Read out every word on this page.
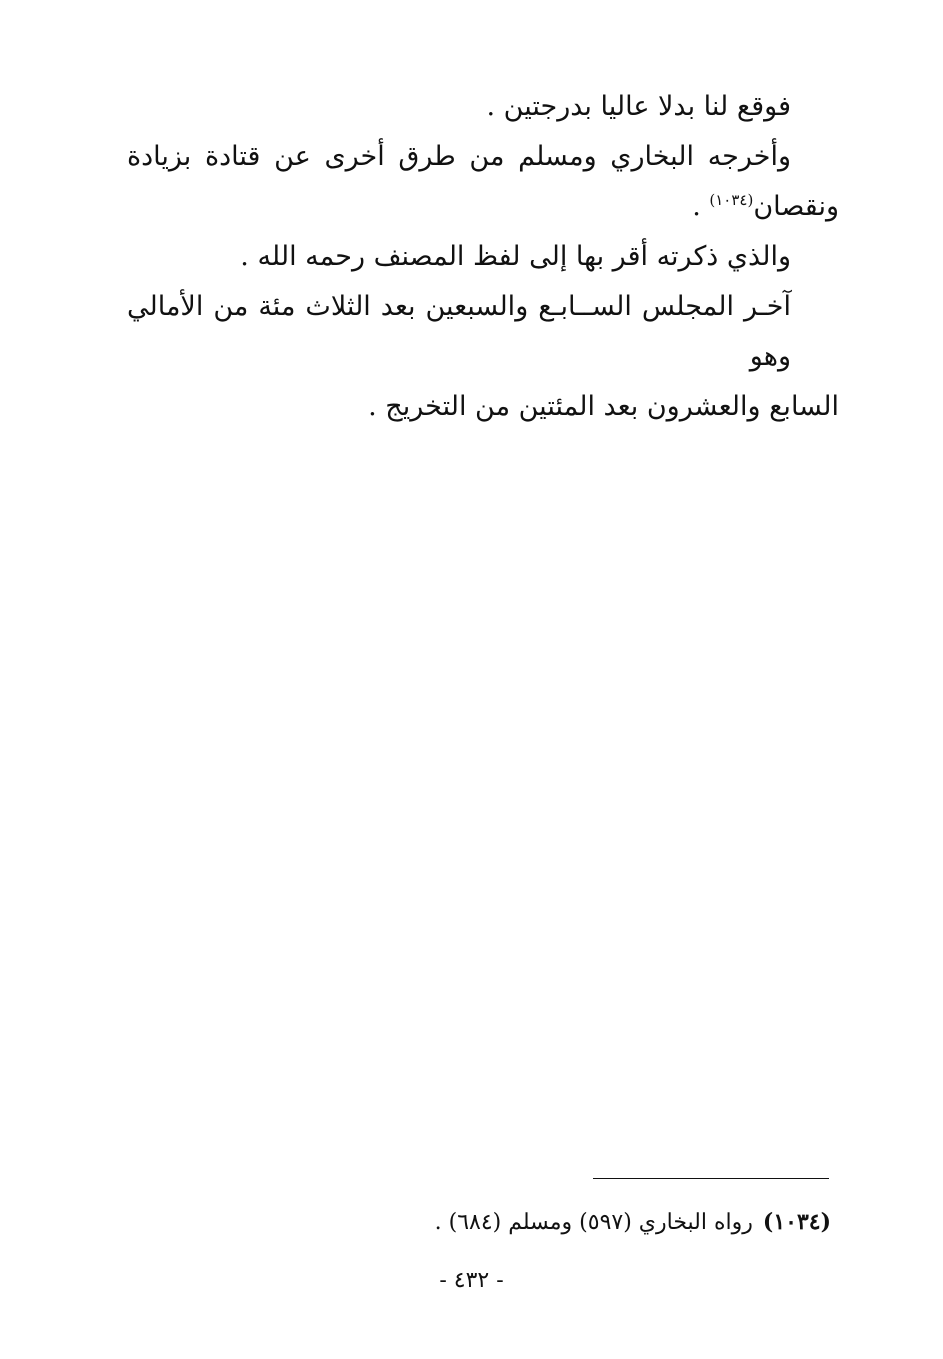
فوقع لنا بدلا عاليا بدرجتين .
وأخرجه البخاري ومسلم من طرق أخرى عن قتادة بزيادة
ونقصان$^{(١٠٣٤)}$ .
والذي ذكرته أقر بها إلى لفظ المصنف رحمه الله .
آخـر المجلس الســابـع والسبعين بعد الثلاث مئة من الأمالي وهو
السابع والعشرون بعد المئتين من التخريج .
(١٠٣٤)رواه البخاري (٥٩٧) ومسلم (٦٨٤) .
- ٤٣٢ -
